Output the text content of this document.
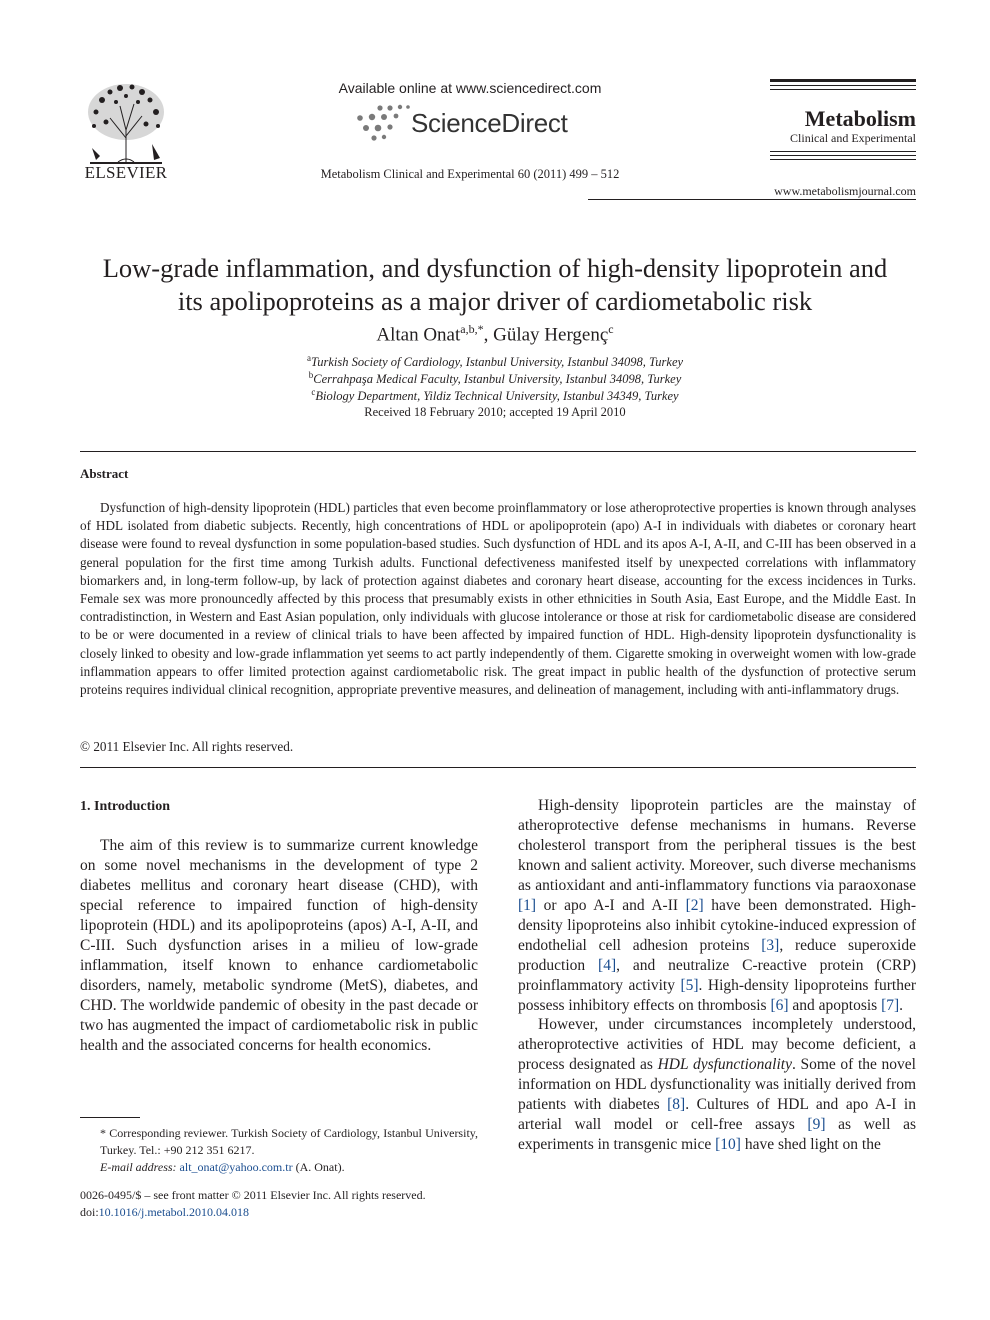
ELSEVIER
Available online at www.sciencedirect.com
ScienceDirect
Metabolism Clinical and Experimental 60 (2011) 499 – 512
Metabolism
Clinical and Experimental
www.metabolismjournal.com
Low-grade inflammation, and dysfunction of high-density lipoprotein and
its apolipoproteins as a major driver of cardiometabolic risk
Altan Onat$^{a,b,*}$, Gülay Hergenç$^c$
$^a$Turkish Society of Cardiology, Istanbul University, Istanbul 34098, Turkey
$^b$Cerrahpaşa Medical Faculty, Istanbul University, Istanbul 34098, Turkey
$^c$Biology Department, Yildiz Technical University, Istanbul 34349, Turkey
Received 18 February 2010; accepted 19 April 2010
Abstract
Dysfunction of high-density lipoprotein (HDL) particles that even become proinflammatory or lose atheroprotective properties is known through analyses of HDL isolated from diabetic subjects. Recently, high concentrations of HDL or apolipoprotein (apo) A-I in individuals with diabetes or coronary heart disease were found to reveal dysfunction in some population-based studies. Such dysfunction of HDL and its apos A-I, A-II, and C-III has been observed in a general population for the first time among Turkish adults. Functional defectiveness manifested itself by unexpected correlations with inflammatory biomarkers and, in long-term follow-up, by lack of protection against diabetes and coronary heart disease, accounting for the excess incidences in Turks. Female sex was more pronouncedly affected by this process that presumably exists in other ethnicities in South Asia, East Europe, and the Middle East. In contradistinction, in Western and East Asian population, only individuals with glucose intolerance or those at risk for cardiometabolic disease are considered to be or were documented in a review of clinical trials to have been affected by impaired function of HDL. High-density lipoprotein dysfunctionality is closely linked to obesity and low-grade inflammation yet seems to act partly independently of them. Cigarette smoking in overweight women with low-grade inflammation appears to offer limited protection against cardiometabolic risk. The great impact in public health of the dysfunction of protective serum proteins requires individual clinical recognition, appropriate preventive measures, and delineation of management, including with anti-inflammatory drugs.
© 2011 Elsevier Inc. All rights reserved.
1. Introduction

The aim of this review is to summarize current knowledge on some novel mechanisms in the development of type 2 diabetes mellitus and coronary heart disease (CHD), with special reference to impaired function of high-density lipoprotein (HDL) and its apolipoproteins (apos) A-I, A-II, and C-III. Such dysfunction arises in a milieu of low-grade inflammation, itself known to enhance cardiometabolic disorders, namely, metabolic syndrome (MetS), diabetes, and CHD. The worldwide pandemic of obesity in the past decade or two has augmented the impact of cardiometabolic risk in public health and the associated concerns for health economics.

High-density lipoprotein particles are the mainstay of atheroprotective defense mechanisms in humans. Reverse cholesterol transport from the peripheral tissues is the best known and salient activity. Moreover, such diverse mechanisms as antioxidant and anti-inflammatory functions via paraoxonase [1] or apo A-I and A-II [2] have been demonstrated. High-density lipoproteins also inhibit cytokine-induced expression of endothelial cell adhesion proteins [3], reduce superoxide production [4], and neutralize C-reactive protein (CRP) proinflammatory activity [5]. High-density lipoproteins further possess inhibitory effects on thrombosis [6] and apoptosis [7].

However, under circumstances incompletely understood, atheroprotective activities of HDL may become deficient, a process designated as HDL dysfunctionality. Some of the novel information on HDL dysfunctionality was initially derived from patients with diabetes [8]. Cultures of HDL and apo A-I in arterial wall model or cell-free assays [9] as well as experiments in transgenic mice [10] have shed light on the

* Corresponding reviewer. Turkish Society of Cardiology, Istanbul University, Turkey. Tel.: +90 212 351 6217.
E-mail address: alt_onat@yahoo.com.tr (A. Onat).
0026-0495/$ – see front matter © 2011 Elsevier Inc. All rights reserved.
doi:10.1016/j.metabol.2010.04.018
